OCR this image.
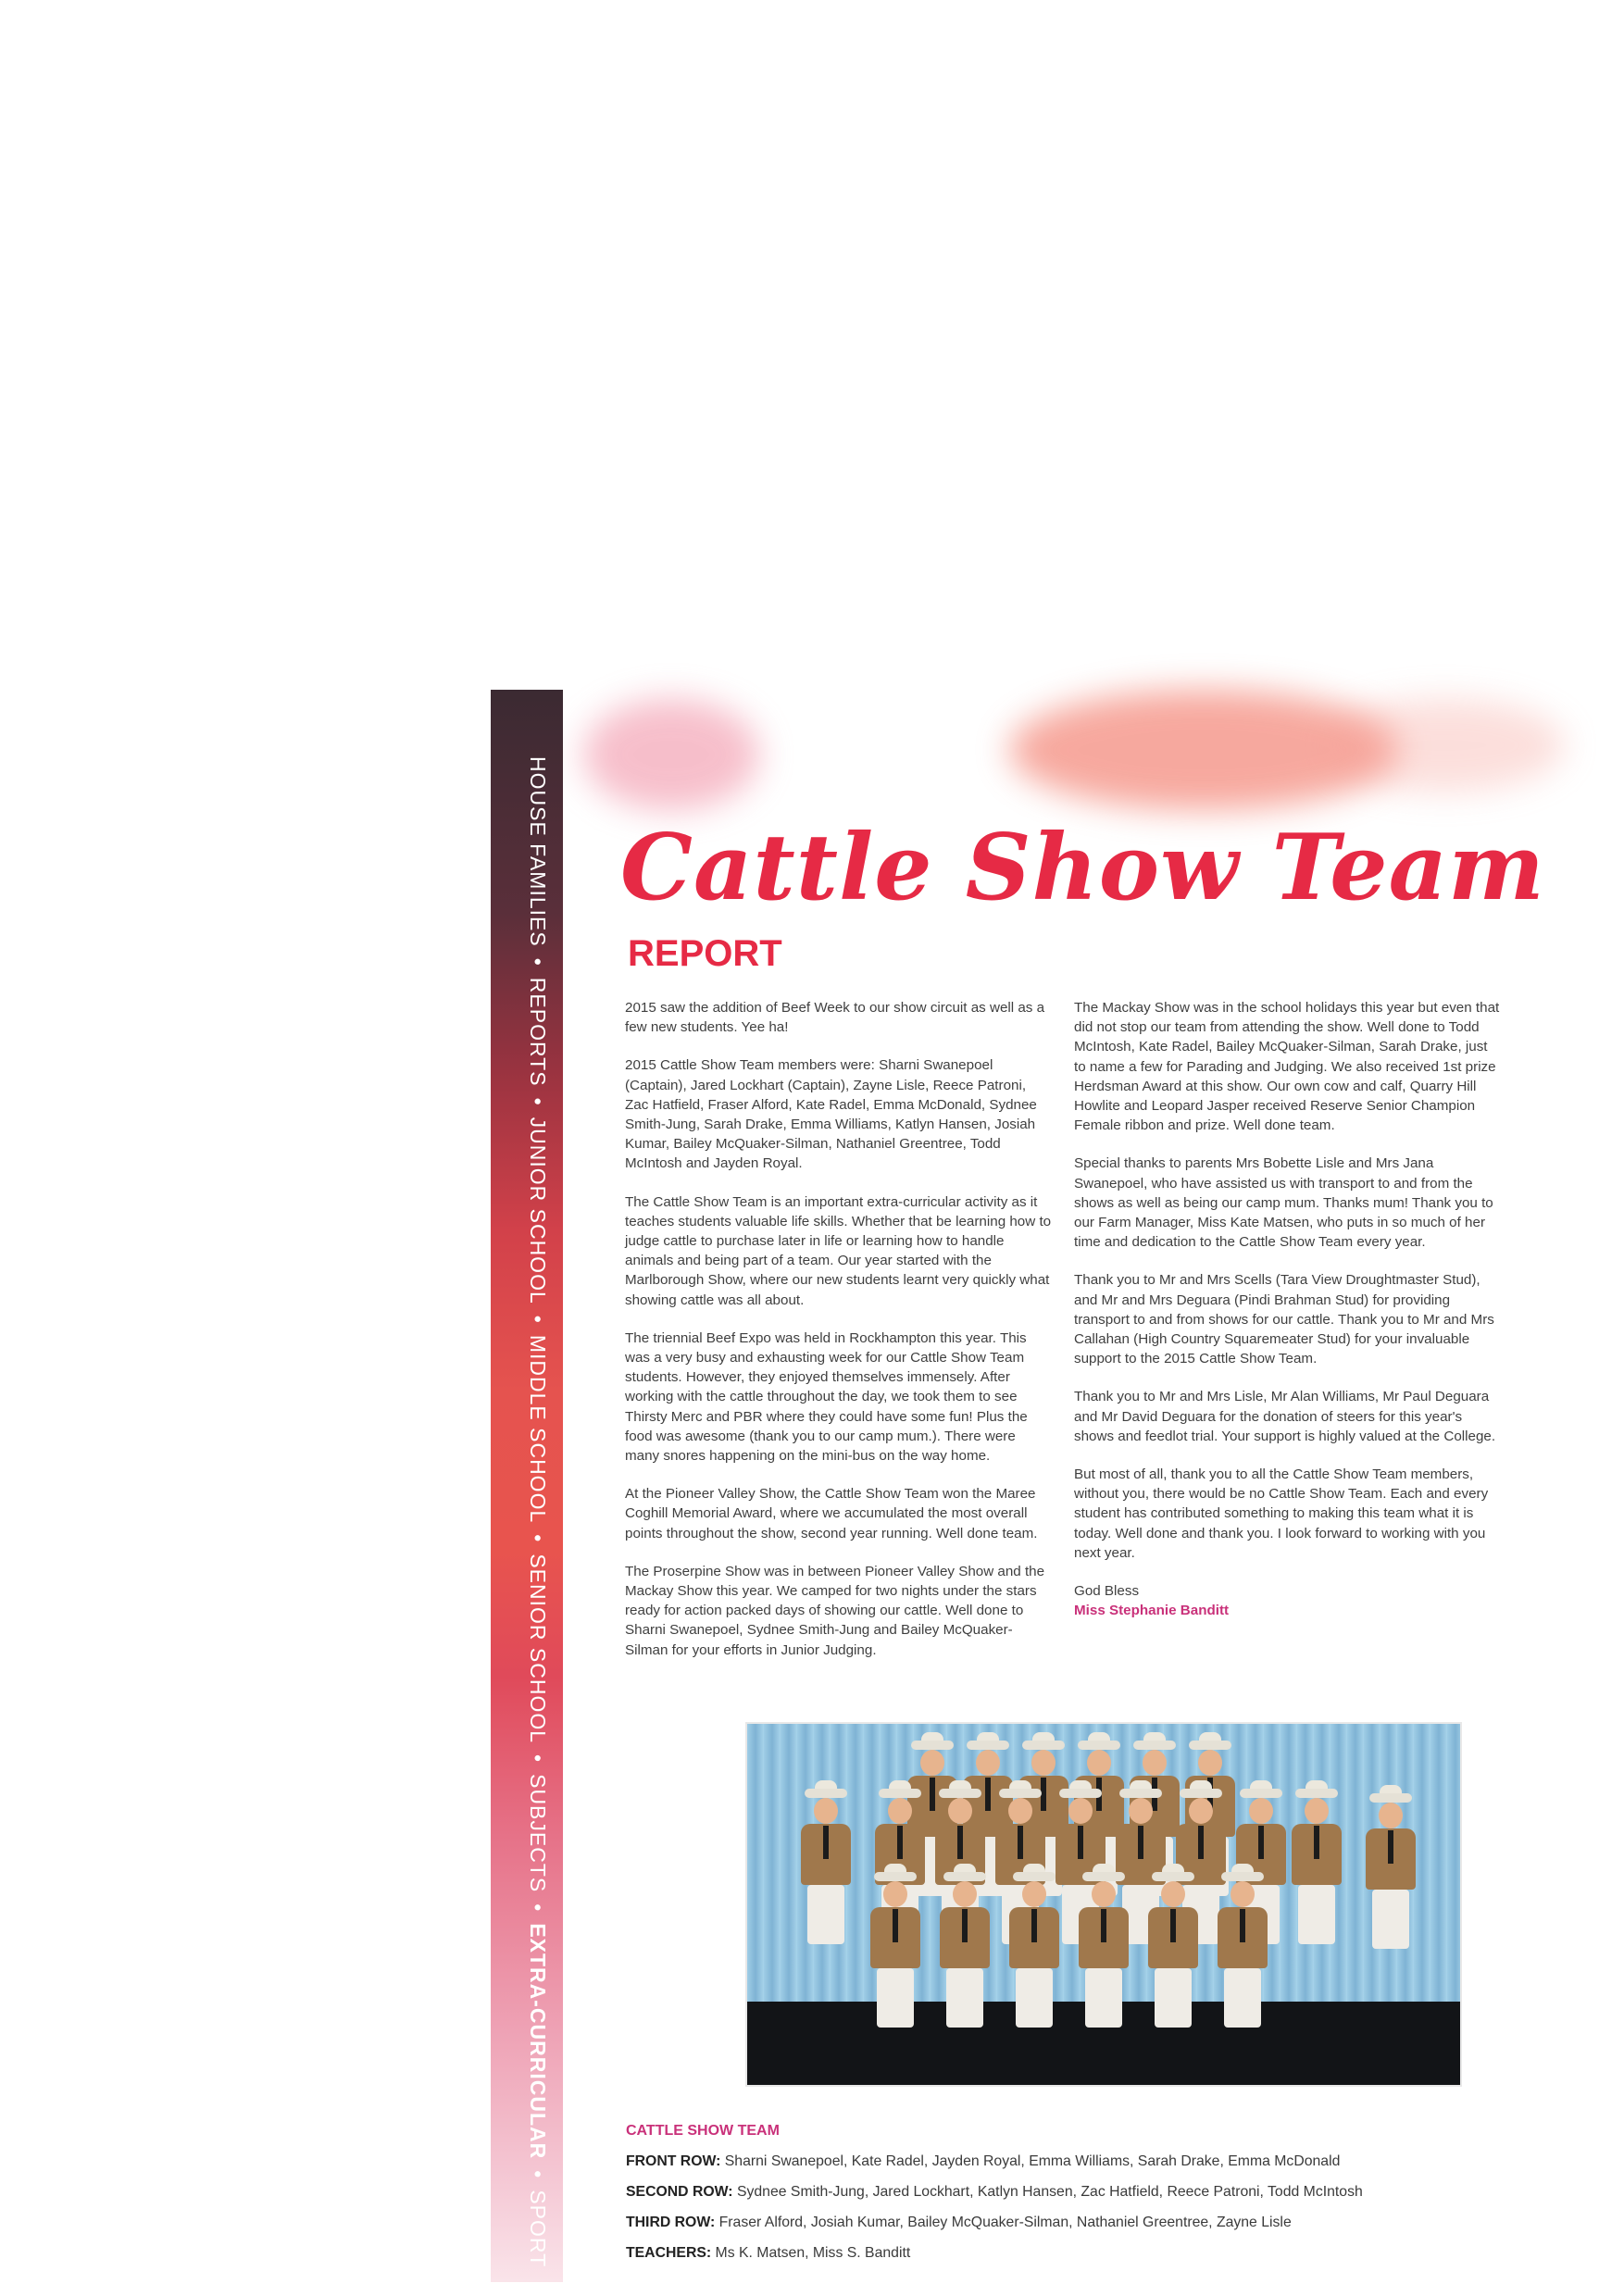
HOUSE FAMILIES•REPORTS•JUNIOR SCHOOL•MIDDLE SCHOOL•SENIOR SCHOOL•SUBJECTS•EXTRA-CURRICULAR•SPORT
Cattle Show Team
REPORT

2015 saw the addition of Beef Week to our show circuit as well as a few new students. Yee ha!

2015 Cattle Show Team members were: Sharni Swanepoel (Captain), Jared Lockhart (Captain), Zayne Lisle, Reece Patroni, Zac Hatfield, Fraser Alford, Kate Radel, Emma McDonald, Sydnee Smith-Jung, Sarah Drake, Emma Williams, Katlyn Hansen, Josiah Kumar, Bailey McQuaker-Silman, Nathaniel Greentree, Todd McIntosh and Jayden Royal.

The Cattle Show Team is an important extra-curricular activity as it teaches students valuable life skills. Whether that be learning how to judge cattle to purchase later in life or learning how to handle animals and being part of a team. Our year started with the Marlborough Show, where our new students learnt very quickly what showing cattle was all about.

The triennial Beef Expo was held in Rockhampton this year. This was a very busy and exhausting week for our Cattle Show Team students. However, they enjoyed themselves immensely. After working with the cattle throughout the day, we took them to see Thirsty Merc and PBR where they could have some fun! Plus the food was awesome (thank you to our camp mum.). There were many snores happening on the mini-bus on the way home.

At the Pioneer Valley Show, the Cattle Show Team won the Maree Coghill Memorial Award, where we accumulated the most overall points throughout the show, second year running. Well done team.

The Proserpine Show was in between Pioneer Valley Show and the Mackay Show this year. We camped for two nights under the stars ready for action packed days of showing our cattle. Well done to Sharni Swanepoel, Sydnee Smith-Jung and Bailey McQuaker-Silman for your efforts in Junior Judging.

The Mackay Show was in the school holidays this year but even that did not stop our team from attending the show. Well done to Todd McIntosh, Kate Radel, Bailey McQuaker-Silman, Sarah Drake, just to name a few for Parading and Judging. We also received 1st prize Herdsman Award at this show. Our own cow and calf, Quarry Hill Howlite and Leopard Jasper received Reserve Senior Champion Female ribbon and prize. Well done team.

Special thanks to parents Mrs Bobette Lisle and Mrs Jana Swanepoel, who have assisted us with transport to and from the shows as well as being our camp mum. Thanks mum! Thank you to our Farm Manager, Miss Kate Matsen, who puts in so much of her time and dedication to the Cattle Show Team every year.

Thank you to Mr and Mrs Scells (Tara View Droughtmaster Stud), and Mr and Mrs Deguara (Pindi Brahman Stud) for providing transport to and from shows for our cattle. Thank you to Mr and Mrs Callahan (High Country Squaremeater Stud) for your invaluable support to the 2015 Cattle Show Team.

Thank you to Mr and Mrs Lisle, Mr Alan Williams, Mr Paul Deguara and Mr David Deguara for the donation of steers for this year's shows and feedlot trial. Your support is highly valued at the College.

But most of all, thank you to all the Cattle Show Team members, without you, there would be no Cattle Show Team. Each and every student has contributed something to making this team what it is today. Well done and thank you. I look forward to working with you next year.

God Bless
Miss Stephanie Banditt

CATTLE SHOW TEAM
FRONT ROW: Sharni Swanepoel, Kate Radel, Jayden Royal, Emma Williams, Sarah Drake, Emma McDonald
SECOND ROW: Sydnee Smith-Jung, Jared Lockhart, Katlyn Hansen, Zac Hatfield, Reece Patroni, Todd McIntosh
THIRD ROW: Fraser Alford, Josiah Kumar, Bailey McQuaker-Silman, Nathaniel Greentree, Zayne Lisle
TEACHERS: Ms K. Matsen, Miss S. Banditt
